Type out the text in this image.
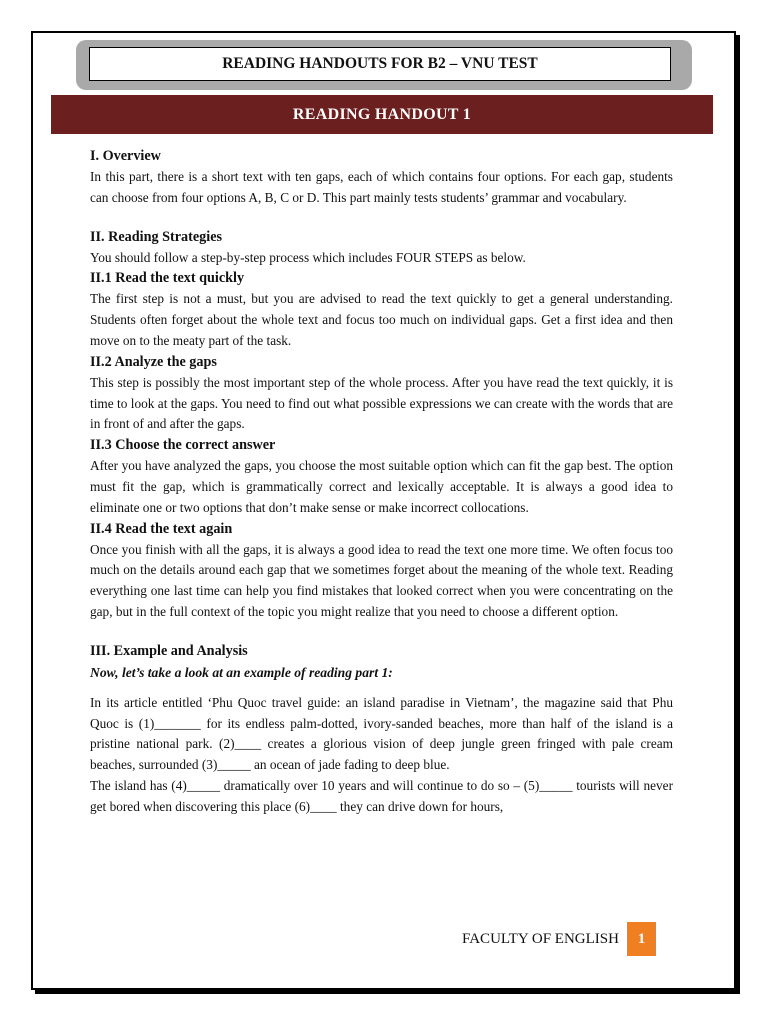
READING HANDOUTS FOR B2 – VNU TEST
READING HANDOUT 1
I. Overview

In this part, there is a short text with ten gaps, each of which contains four options. For each gap, students can choose from four options A, B, C or D. This part mainly tests students’ grammar and vocabulary.

II. Reading Strategies

You should follow a step-by-step process which includes FOUR STEPS as below.

II.1 Read the text quickly

The first step is not a must, but you are advised to read the text quickly to get a general understanding. Students often forget about the whole text and focus too much on individual gaps. Get a first idea and then move on to the meaty part of the task.

II.2 Analyze the gaps

This step is possibly the most important step of the whole process. After you have read the text quickly, it is time to look at the gaps. You need to find out what possible expressions we can create with the words that are in front of and after the gaps.

II.3 Choose the correct answer

After you have analyzed the gaps, you choose the most suitable option which can fit the gap best. The option must fit the gap, which is grammatically correct and lexically acceptable. It is always a good idea to eliminate one or two options that don’t make sense or make incorrect collocations.

II.4 Read the text again

Once you finish with all the gaps, it is always a good idea to read the text one more time. We often focus too much on the details around each gap that we sometimes forget about the meaning of the whole text. Reading everything one last time can help you find mistakes that looked correct when you were concentrating on the gap, but in the full context of the topic you might realize that you need to choose a different option.

III. Example and Analysis
Now, let’s take a look at an example of reading part 1:

In its article entitled ‘Phu Quoc travel guide: an island paradise in Vietnam’, the magazine said that Phu Quoc is (1)_______ for its endless palm-dotted, ivory-sanded beaches, more than half of the island is a pristine national park. (2)____ creates a glorious vision of deep jungle green fringed with pale cream beaches, surrounded (3)_____ an ocean of jade fading to deep blue.

The island has (4)_____ dramatically over 10 years and will continue to do so – (5)_____ tourists will never get bored when discovering this place (6)____ they can drive down for hours,

FACULTY OF ENGLISH	1
